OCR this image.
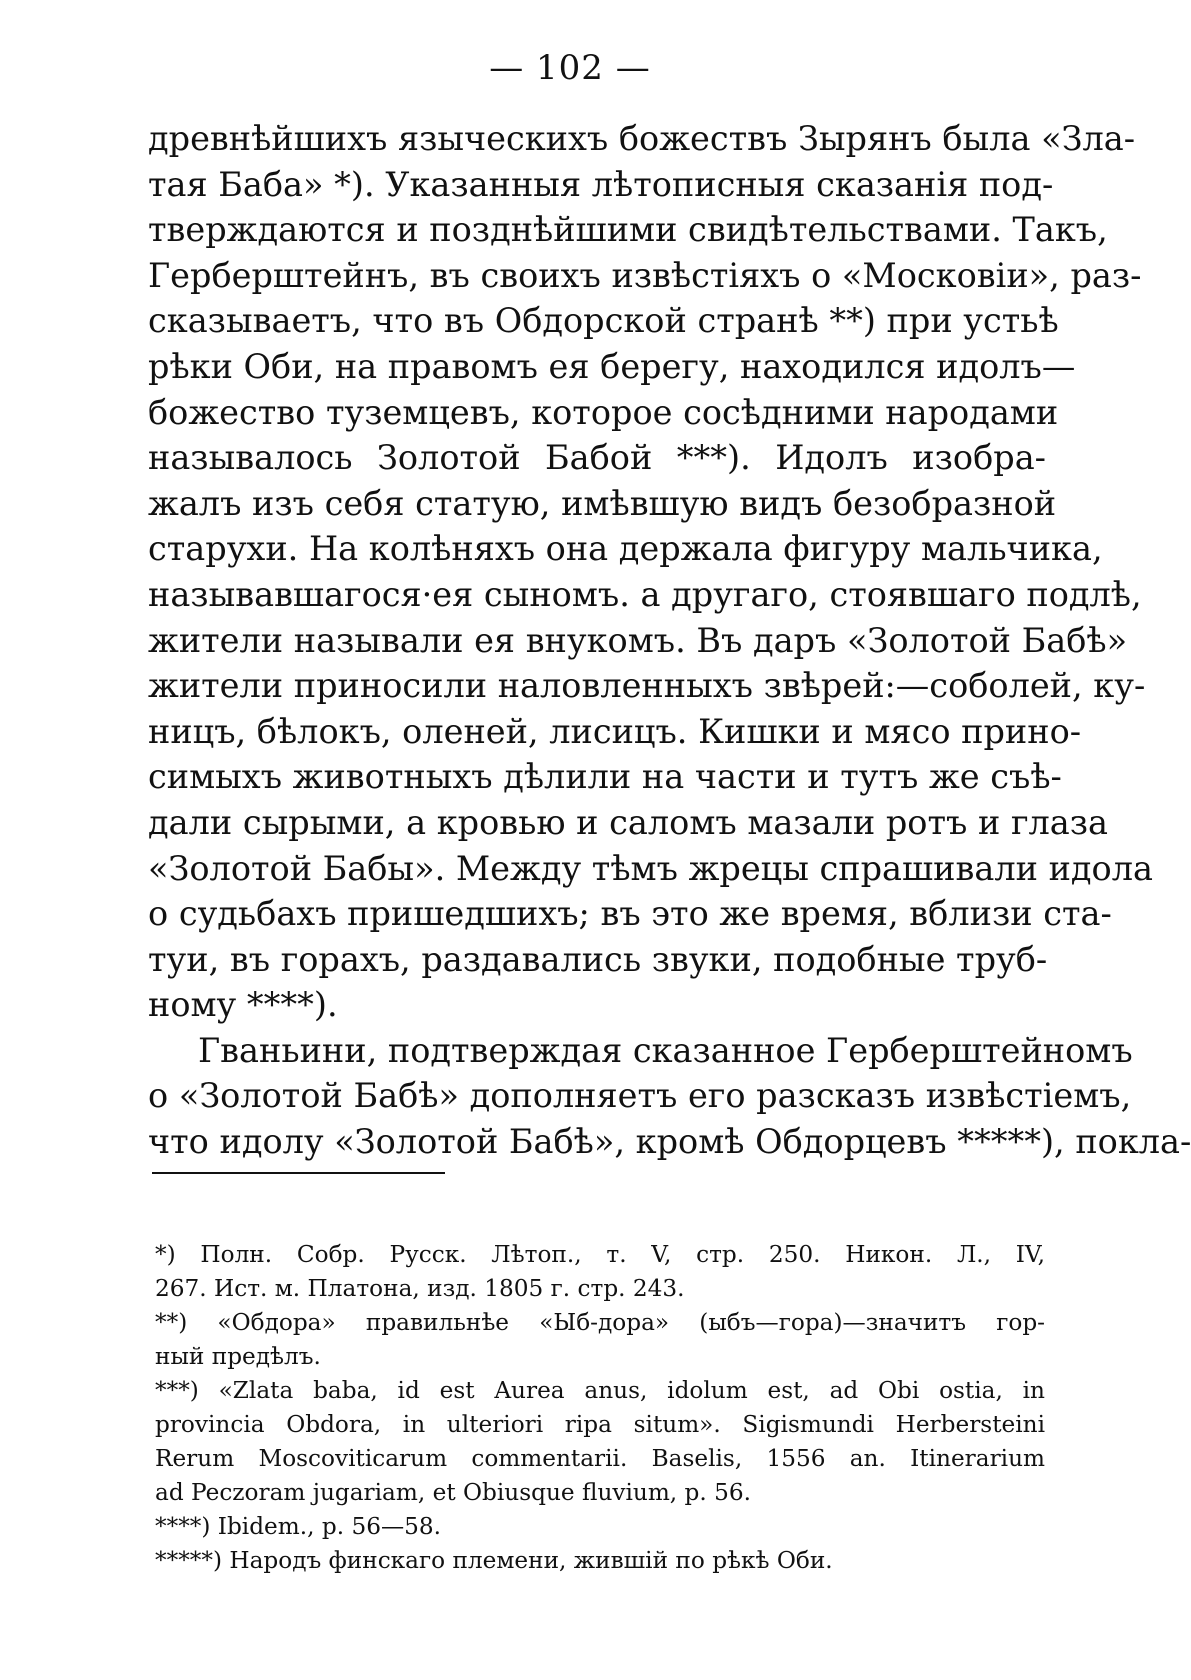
— 102 —
древнѣйшихъ языческихъ божествъ Зырянъ была «Зла-
тая Баба» *). Указанныя лѣтописныя сказанія под-
тверждаются и позднѣйшими свидѣтельствами. Такъ,
Герберштейнъ, въ своихъ извѣстіяхъ о «Московіи», раз-
сказываетъ, что въ Обдорской странѣ **) при устьѣ
рѣки Оби, на правомъ ея берегу, находился идолъ—
божество туземцевъ, которое сосѣдними народами
называлось Золотой Бабой ***). Идолъ изобра-
жалъ изъ себя статую, имѣвшую видъ безобразной
старухи. На колѣняхъ она держала фигуру мальчика,
называвшагося·ея сыномъ. а другаго, стоявшаго подлѣ,
жители называли ея внукомъ. Въ даръ «Золотой Бабѣ»
жители приносили наловленныхъ звѣрей:—соболей, ку-
ницъ, бѣлокъ, оленей, лисицъ. Кишки и мясо прино-
симыхъ животныхъ дѣлили на части и тутъ же съѣ-
дали сырыми, а кровью и саломъ мазали ротъ и глаза
«Золотой Бабы». Между тѣмъ жрецы спрашивали идола
о судьбахъ пришедшихъ; въ это же время, вблизи ста-
туи, въ горахъ, раздавались звуки, подобные труб-
ному ****).
Гваньини, подтверждая сказанное Герберштейномъ
о «Золотой Бабѣ» дополняетъ его разсказъ извѣстіемъ,
что идолу «Золотой Бабѣ», кромѣ Обдорцевъ *****), покла-
*) Полн. Собр. Русск. Лѣтоп., т. V, стр. 250. Никон. Л., IV,
267. Ист. м. Платона, изд. 1805 г. стр. 243.
**) «Обдора» правильнѣе «Ыб-дора» (ыбъ—гора)—значитъ гор-
ный предѣлъ.
***) «Zlata baba, id est Aurea anus, idolum est, ad Obi ostia, in
provincia Obdora, in ulteriori ripa situm». Sigismundi Herbersteini
Rerum Moscoviticarum commentarii. Baselis, 1556 an. Itinerarium
ad Peczoram jugariam, et Obiusque fluvium, p. 56.
****) Ibidem., p. 56—58.
*****) Народъ финскаго племени, жившій по рѣкѣ Оби.
